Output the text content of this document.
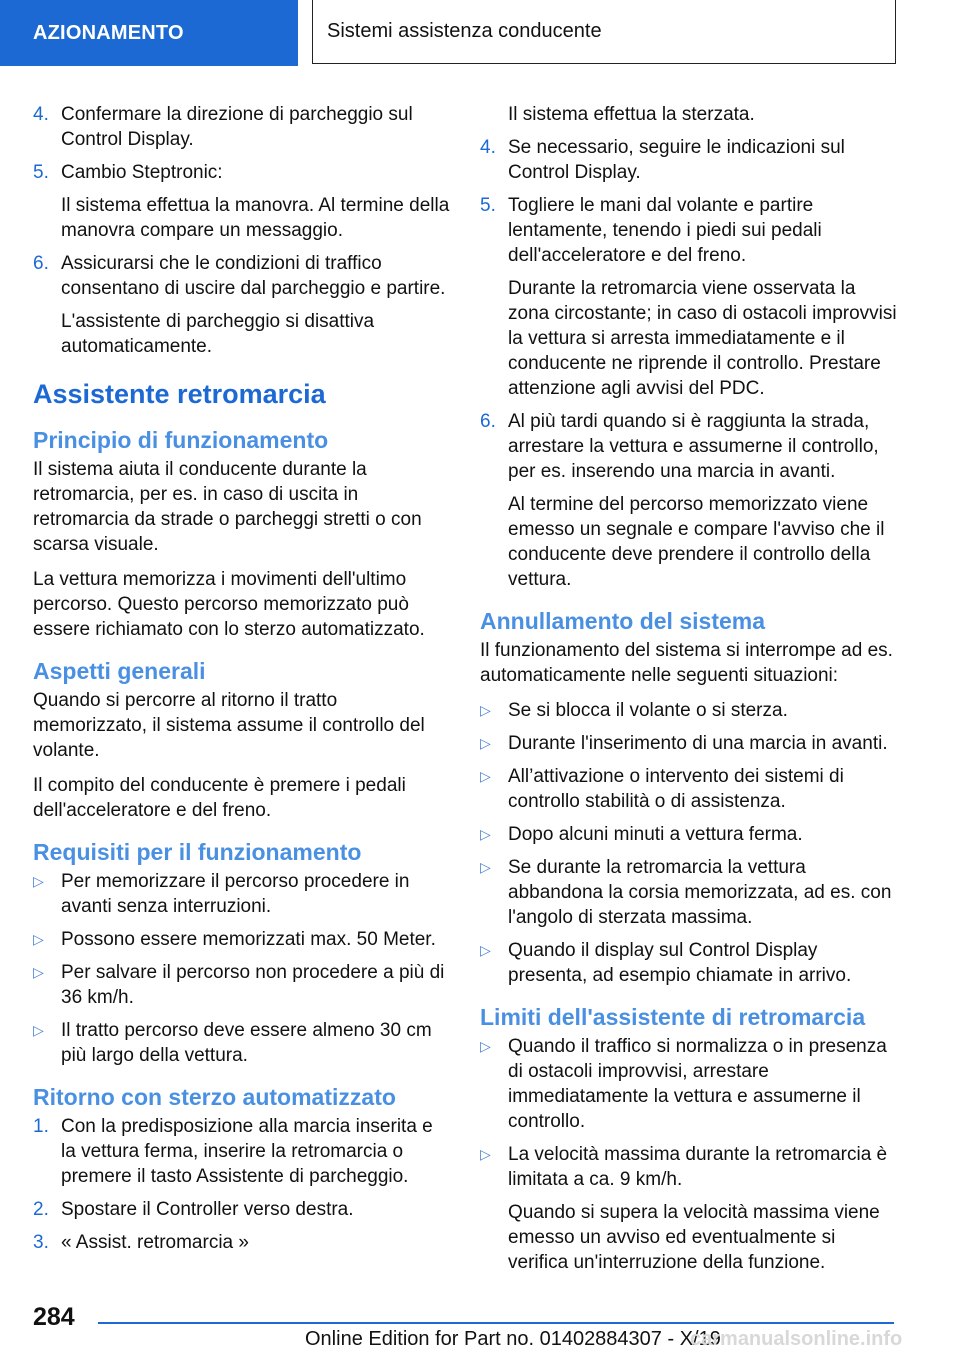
AZIONAMENTO	Sistemi assistenza conducente
4. Confermare la direzione di parcheggio sul Control Display.
5. Cambio Steptronic:
Il sistema effettua la manovra. Al termine della manovra compare un messaggio.
6. Assicurarsi che le condizioni di traffico consentano di uscire dal parcheggio e partire.
L'assistente di parcheggio si disattiva automaticamente.
Assistente retromarcia
Principio di funzionamento

Il sistema aiuta il conducente durante la retromarcia, per es. in caso di uscita in retromarcia da strade o parcheggi stretti o con scarsa visuale.

La vettura memorizza i movimenti dell'ultimo percorso. Questo percorso memorizzato può essere richiamato con lo sterzo automatizzato.

Aspetti generali

Quando si percorre al ritorno il tratto memorizzato, il sistema assume il controllo del volante.

Il compito del conducente è premere i pedali dell'acceleratore e del freno.

Requisiti per il funzionamento
▷ Per memorizzare il percorso procedere in avanti senza interruzioni.
▷ Possono essere memorizzati max. 50 Meter.
▷ Per salvare il percorso non procedere a più di 36 km/h.
▷ Il tratto percorso deve essere almeno 30 cm più largo della vettura.
Ritorno con sterzo automatizzato
1. Con la predisposizione alla marcia inserita e la vettura ferma, inserire la retromarcia o premere il tasto Assistente di parcheggio.
2. Spostare il Controller verso destra.
3. « Assist. retromarcia »
Il sistema effettua la sterzata.
4. Se necessario, seguire le indicazioni sul Control Display.
5. Togliere le mani dal volante e partire lentamente, tenendo i piedi sui pedali dell'acceleratore e del freno.
Durante la retromarcia viene osservata la zona circostante; in caso di ostacoli improvvisi la vettura si arresta immediatamente e il conducente ne riprende il controllo. Prestare attenzione agli avvisi del PDC.
6. Al più tardi quando si è raggiunta la strada, arrestare la vettura e assumerne il controllo, per es. inserendo una marcia in avanti.
Al termine del percorso memorizzato viene emesso un segnale e compare l'avviso che il conducente deve prendere il controllo della vettura.
Annullamento del sistema

Il funzionamento del sistema si interrompe ad es. automaticamente nelle seguenti situazioni:

▷ Se si blocca il volante o si sterza.
▷ Durante l'inserimento di una marcia in avanti.
▷ All’attivazione o intervento dei sistemi di controllo stabilità o di assistenza.
▷ Dopo alcuni minuti a vettura ferma.
▷ Se durante la retromarcia la vettura abbandona la corsia memorizzata, ad es. con l'angolo di sterzata massima.
▷ Quando il display sul Control Display presenta, ad esempio chiamate in arrivo.
Limiti dell'assistente di retromarcia
▷ Quando il traffico si normalizza o in presenza di ostacoli improvvisi, arrestare immediatamente la vettura e assumerne il controllo.
▷ La velocità massima durante la retromarcia è limitata a ca. 9 km/h.
Quando si supera la velocità massima viene emesso un avviso ed eventualmente si verifica un'interruzione della funzione.
284
Online Edition for Part no. 01402884307 - X/19
carmanualsonline.info
